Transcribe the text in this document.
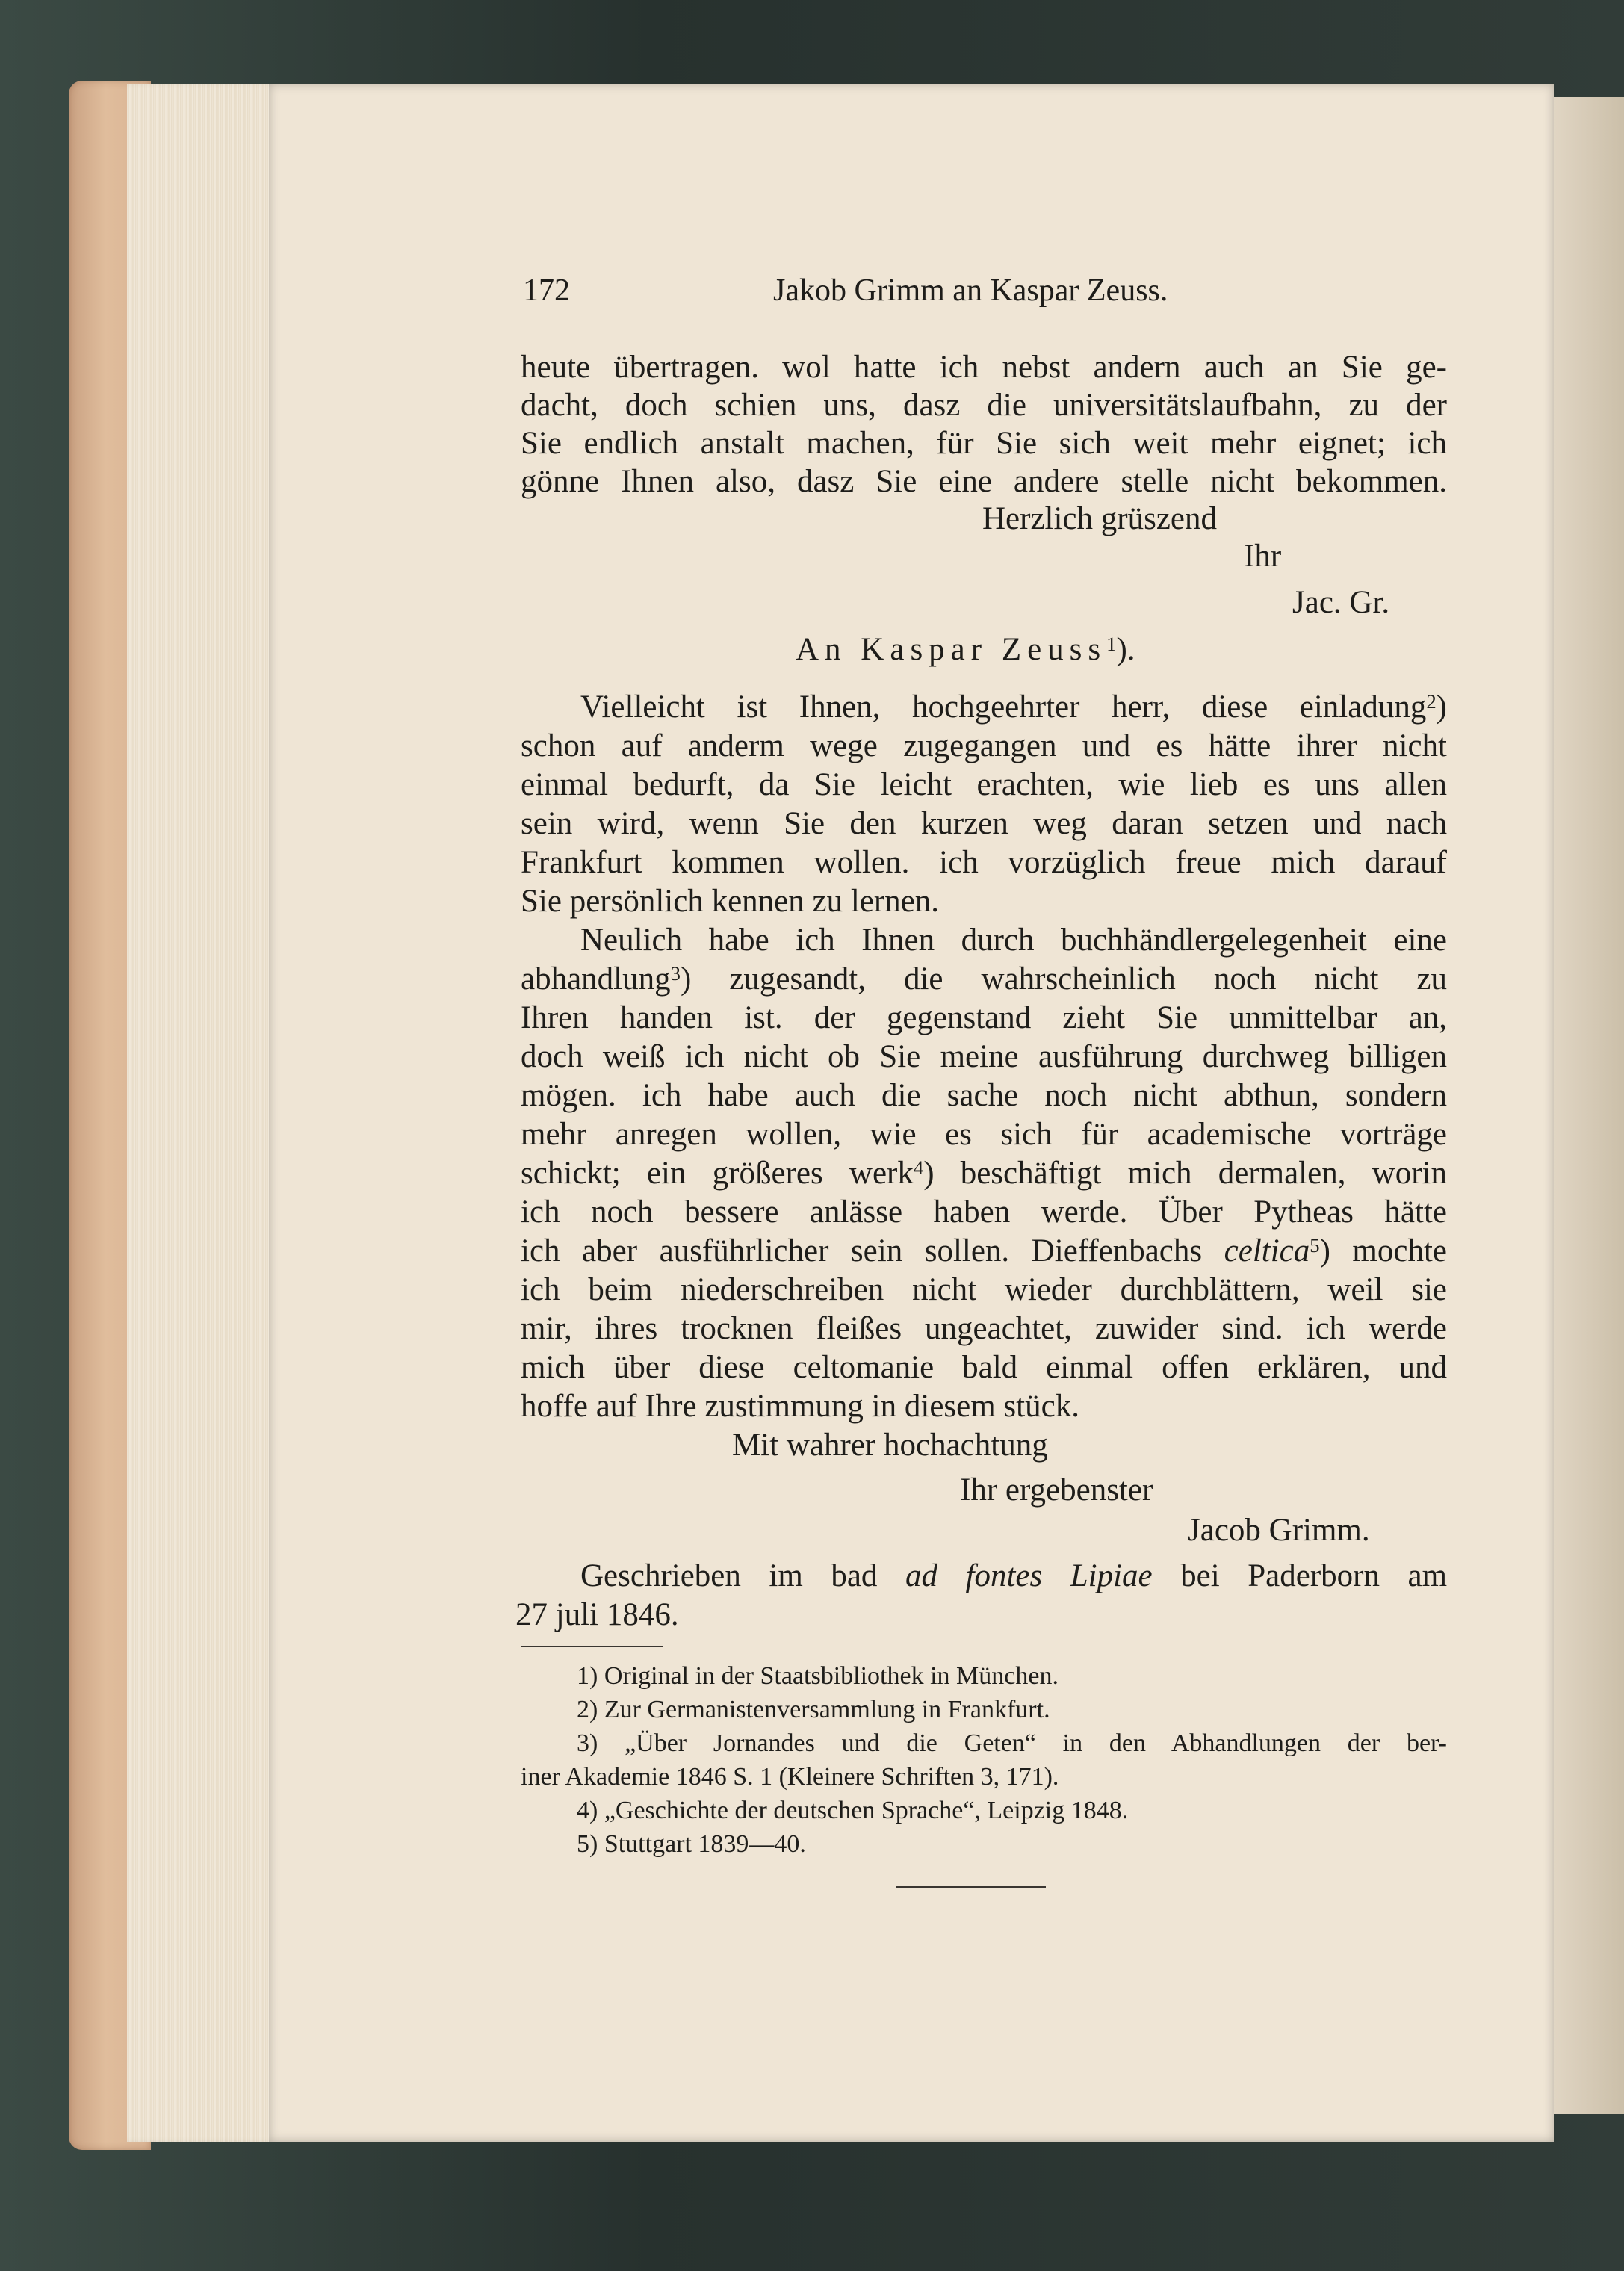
172	Jakob Grimm an Kaspar Zeuss.
heute übertragen. wol hatte ich nebst andern auch an Sie ge-
dacht, doch schien uns, dasz die universitätslaufbahn, zu der
Sie endlich anstalt machen, für Sie sich weit mehr eignet; ich
gönne Ihnen also, dasz Sie eine andere stelle nicht bekommen.
Herzlich grüszend
Ihr
Jac. Gr.
An Kaspar Zeuss$^1$).
Vielleicht ist Ihnen, hochgeehrter herr, diese einladung$^2$)
schon auf anderm wege zugegangen und es hätte ihrer nicht
einmal bedurft, da Sie leicht erachten, wie lieb es uns allen
sein wird, wenn Sie den kurzen weg daran setzen und nach
Frankfurt kommen wollen. ich vorzüglich freue mich darauf
Sie persönlich kennen zu lernen.
Neulich habe ich Ihnen durch buchhändlergelegenheit eine
abhandlung$^3$) zugesandt, die wahrscheinlich noch nicht zu
Ihren handen ist. der gegenstand zieht Sie unmittelbar an,
doch weiß ich nicht ob Sie meine ausführung durchweg billigen
mögen. ich habe auch die sache noch nicht abthun, sondern
mehr anregen wollen, wie es sich für academische vorträge
schickt; ein größeres werk$^4$) beschäftigt mich dermalen, worin
ich noch bessere anlässe haben werde. Über Pytheas hätte
ich aber ausführlicher sein sollen. Dieffenbachs celtica$^5$) mochte
ich beim niederschreiben nicht wieder durchblättern, weil sie
mir, ihres trocknen fleißes ungeachtet, zuwider sind. ich werde
mich über diese celtomanie bald einmal offen erklären, und
hoffe auf Ihre zustimmung in diesem stück.
Mit wahrer hochachtung
Ihr ergebenster
Jacob Grimm.
Geschrieben im bad ad fontes Lipiae bei Paderborn am
27 juli 1846.
1) Original in der Staatsbibliothek in München.
2) Zur Germanistenversammlung in Frankfurt.
3) „Über Jornandes und die Geten“ in den Abhandlungen der ber-
iner Akademie 1846 S. 1 (Kleinere Schriften 3, 171).
4) „Geschichte der deutschen Sprache“, Leipzig 1848.
5) Stuttgart 1839—40.
